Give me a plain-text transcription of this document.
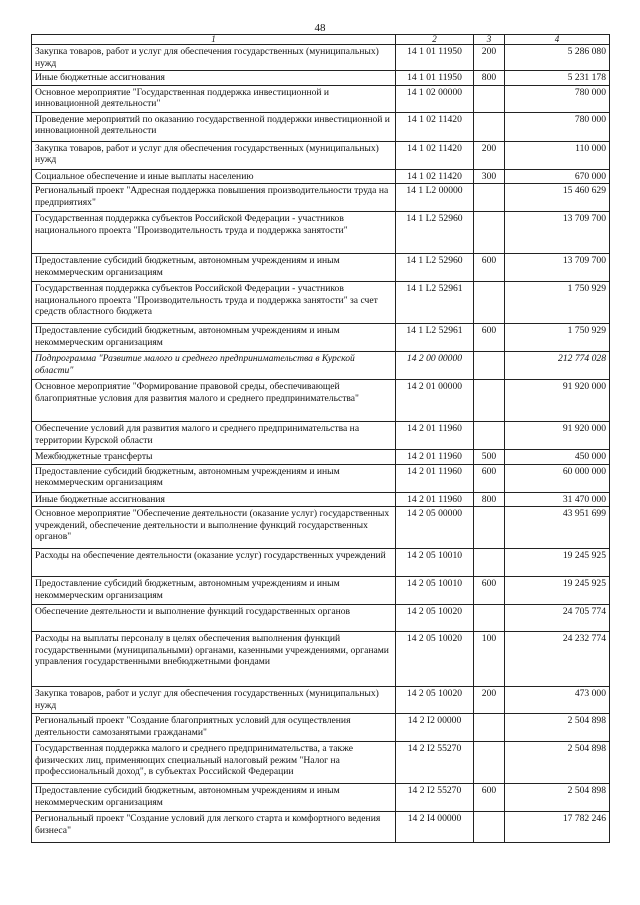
48
1	2	3	4
Закупка товаров, работ и услуг для обеспечения государственных (муниципальных) нужд	14 1 01 11950	200	5 286 080
Иные бюджетные ассигнования	14 1 01 11950	800	5 231 178
Основное мероприятие "Государственная поддержка инвестиционной и инновационной деятельности"	14 1 02 00000		780 000
Проведение мероприятий по оказанию государственной поддержки инвестиционной и инновационной деятельности	14 1 02 11420		780 000
Закупка товаров, работ и услуг для обеспечения государственных (муниципальных) нужд	14 1 02 11420	200	110 000
Социальное обеспечение и иные выплаты населению	14 1 02 11420	300	670 000
Региональный проект "Адресная поддержка повышения производительности труда на предприятиях"	14 1 L2 00000		15 460 629
Государственная поддержка субъектов Российской Федерации - участников национального проекта "Производительность труда и поддержка занятости"	14 1 L2 52960		13 709 700
Предоставление субсидий бюджетным, автономным учреждениям и иным некоммерческим организациям	14 1 L2 52960	600	13 709 700
Государственная поддержка субъектов Российской Федерации - участников национального проекта "Производительность труда и поддержка занятости" за счет средств областного бюджета	14 1 L2 52961		1 750 929
Предоставление субсидий бюджетным, автономным учреждениям и иным некоммерческим организациям	14 1 L2 52961	600	1 750 929
Подпрограмма "Развитие малого и среднего предпринимательства в Курской области"	14 2 00 00000		212 774 028
Основное мероприятие "Формирование правовой среды, обеспечивающей благоприятные условия для развития малого и среднего предпринимательства"	14 2 01 00000		91 920 000
Обеспечение условий для развития малого и среднего предпринимательства на территории Курской области	14 2 01 11960		91 920 000
Межбюджетные трансферты	14 2 01 11960	500	450 000
Предоставление субсидий бюджетным, автономным учреждениям и иным некоммерческим организациям	14 2 01 11960	600	60 000 000
Иные бюджетные ассигнования	14 2 01 11960	800	31 470 000
Основное мероприятие "Обеспечение деятельности (оказание услуг) государственных учреждений, обеспечение деятельности и выполнение функций государственных органов"	14 2 05 00000		43 951 699
Расходы на обеспечение деятельности (оказание услуг) государственных учреждений	14 2 05 10010		19 245 925
Предоставление субсидий бюджетным, автономным учреждениям и иным некоммерческим организациям	14 2 05 10010	600	19 245 925
Обеспечение деятельности и выполнение функций государственных органов	14 2 05 10020		24 705 774
Расходы на выплаты персоналу в целях обеспечения выполнения функций государственными (муниципальными) органами, казенными учреждениями, органами управления государственными внебюджетными фондами	14 2 05 10020	100	24 232 774
Закупка товаров, работ и услуг для обеспечения государственных (муниципальных) нужд	14 2 05 10020	200	473 000
Региональный проект "Создание благоприятных условий для осуществления деятельности самозанятыми гражданами"	14 2 I2 00000		2 504 898
Государственная поддержка малого и среднего предпринимательства, а также физических лиц, применяющих специальный налоговый режим "Налог на профессиональный доход", в субъектах Российской Федерации	14 2 I2 55270		2 504 898
Предоставление субсидий бюджетным, автономным учреждениям и иным некоммерческим организациям	14 2 I2 55270	600	2 504 898
Региональный проект "Создание условий для легкого старта и комфортного ведения бизнеса"	14 2 I4 00000		17 782 246
